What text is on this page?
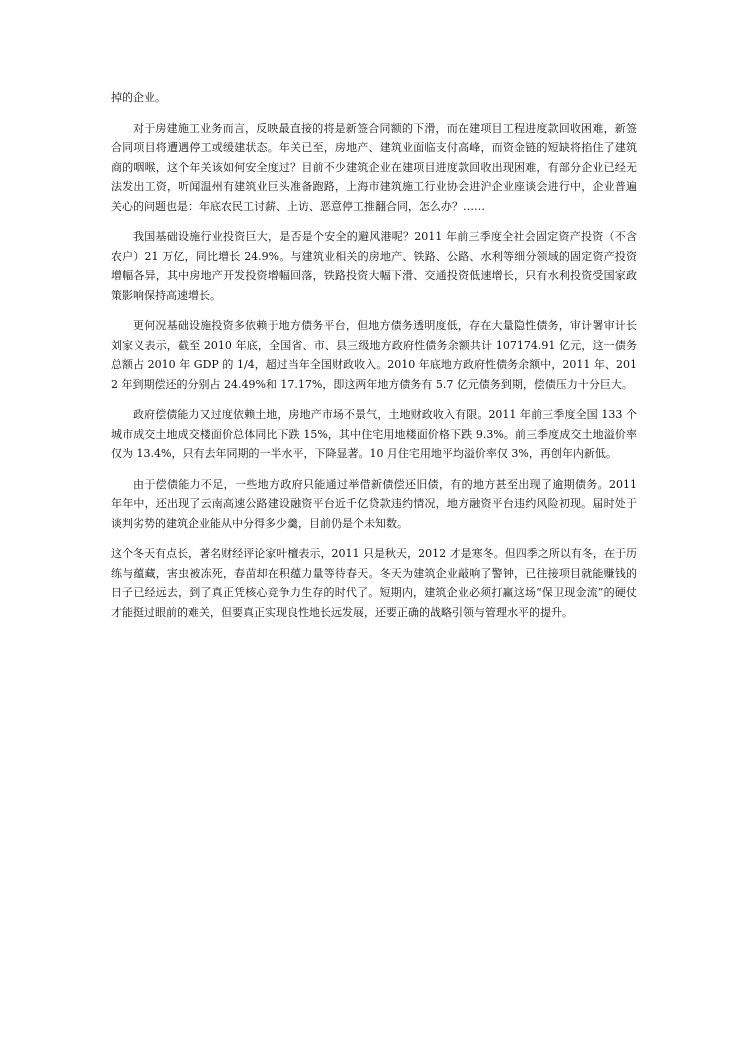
掉的企业。

对于房建施工业务而言，反映最直接的将是新签合同额的下滑，而在建项目工程进度款回收困难，新签合同项目将遭遇停工或缓建状态。年关已至，房地产、建筑业面临支付高峰，而资金链的短缺将掐住了建筑商的咽喉，这个年关该如何安全度过？目前不少建筑企业在建项目进度款回收出现困难，有部分企业已经无法发出工资，听闻温州有建筑业巨头准备跑路，上海市建筑施工行业协会进沪企业座谈会进行中，企业普遍关心的问题也是：年底农民工讨薪、上访、恶意停工推翻合同，怎么办？……

我国基础设施行业投资巨大，是否是个安全的避风港呢？2011 年前三季度全社会固定资产投资（不含农户）21 万亿，同比增长 24.9%。与建筑业相关的房地产、铁路、公路、水利等细分领域的固定资产投资增幅各异，其中房地产开发投资增幅回落，铁路投资大幅下滑、交通投资低速增长，只有水利投资受国家政策影响保持高速增长。

更何况基础设施投资多依赖于地方债务平台，但地方债务透明度低，存在大量隐性债务，审计署审计长刘家义表示，截至 2010 年底，全国省、市、县三级地方政府性债务余额共计 107174.91 亿元，这一债务总额占 2010 年 GDP 的 1/4，超过当年全国财政收入。2010 年底地方政府性债务余额中，2011 年、2012 年到期偿还的分别占 24.49%和 17.17%，即这两年地方债务有 5.7 亿元债务到期，偿债压力十分巨大。

政府偿债能力又过度依赖土地，房地产市场不景气，土地财政收入有限。2011 年前三季度全国 133 个城市成交土地成交楼面价总体同比下跌 15%，其中住宅用地楼面价格下跌 9.3%。前三季度成交土地溢价率仅为 13.4%，只有去年同期的一半水平，下降显著。10 月住宅用地平均溢价率仅 3%，再创年内新低。

由于偿债能力不足，一些地方政府只能通过举借新债偿还旧债，有的地方甚至出现了逾期债务。2011 年年中，还出现了云南高速公路建设融资平台近千亿贷款违约情况，地方融资平台违约风险初现。届时处于谈判劣势的建筑企业能从中分得多少羹，目前仍是个未知数。

这个冬天有点长，著名财经评论家叶檀表示，2011 只是秋天，2012 才是寒冬。但四季之所以有冬，在于历练与蕴藏，害虫被冻死，春苗却在积蕴力量等待春天。冬天为建筑企业敲响了警钟，已往接项目就能赚钱的日子已经远去，到了真正凭核心竞争力生存的时代了。短期内，建筑企业必须打赢这场“保卫现金流”的硬仗才能挺过眼前的难关，但要真正实现良性地长远发展，还要正确的战略引领与管理水平的提升。
